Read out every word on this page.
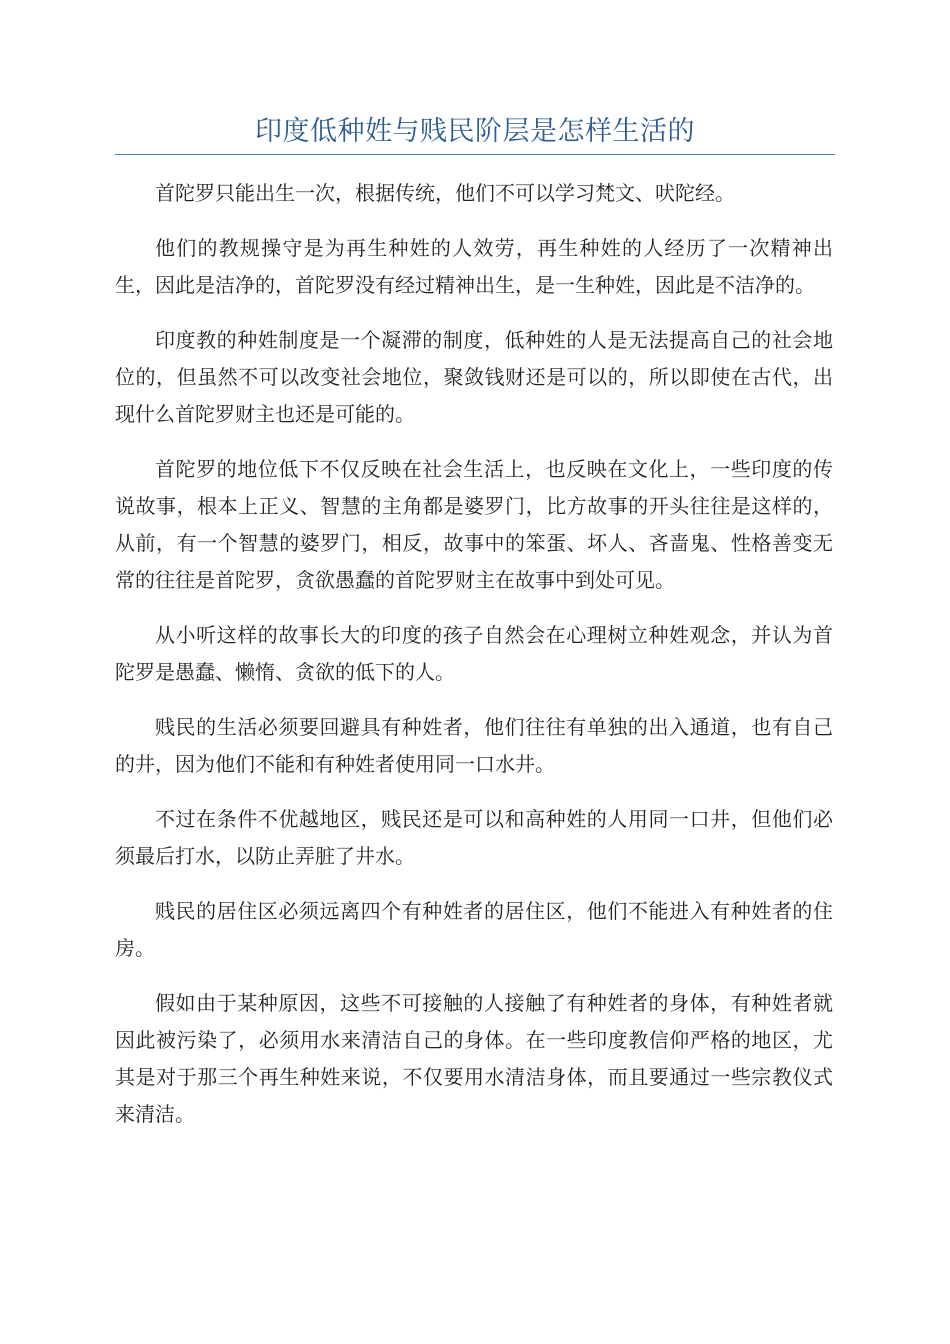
印度低种姓与贱民阶层是怎样生活的

首陀罗只能出生一次，根据传统，他们不可以学习梵文、吠陀经。

他们的教规操守是为再生种姓的人效劳，再生种姓的人经历了一次精神出生，因此是洁净的，首陀罗没有经过精神出生，是一生种姓，因此是不洁净的。

印度教的种姓制度是一个凝滞的制度，低种姓的人是无法提高自己的社会地位的，但虽然不可以改变社会地位，聚敛钱财还是可以的，所以即使在古代，出现什么首陀罗财主也还是可能的。

首陀罗的地位低下不仅反映在社会生活上，也反映在文化上，一些印度的传说故事，根本上正义、智慧的主角都是婆罗门，比方故事的开头往往是这样的，从前，有一个智慧的婆罗门，相反，故事中的笨蛋、坏人、吝啬鬼、性格善变无常的往往是首陀罗，贪欲愚蠢的首陀罗财主在故事中到处可见。

从小听这样的故事长大的印度的孩子自然会在心理树立种姓观念，并认为首陀罗是愚蠢、懒惰、贪欲的低下的人。

贱民的生活必须要回避具有种姓者，他们往往有单独的出入通道，也有自己的井，因为他们不能和有种姓者使用同一口水井。

不过在条件不优越地区，贱民还是可以和高种姓的人用同一口井，但他们必须最后打水，以防止弄脏了井水。

贱民的居住区必须远离四个有种姓者的居住区，他们不能进入有种姓者的住房。

假如由于某种原因，这些不可接触的人接触了有种姓者的身体，有种姓者就因此被污染了，必须用水来清洁自己的身体。在一些印度教信仰严格的地区，尤其是对于那三个再生种姓来说，不仅要用水清洁身体，而且要通过一些宗教仪式来清洁。
